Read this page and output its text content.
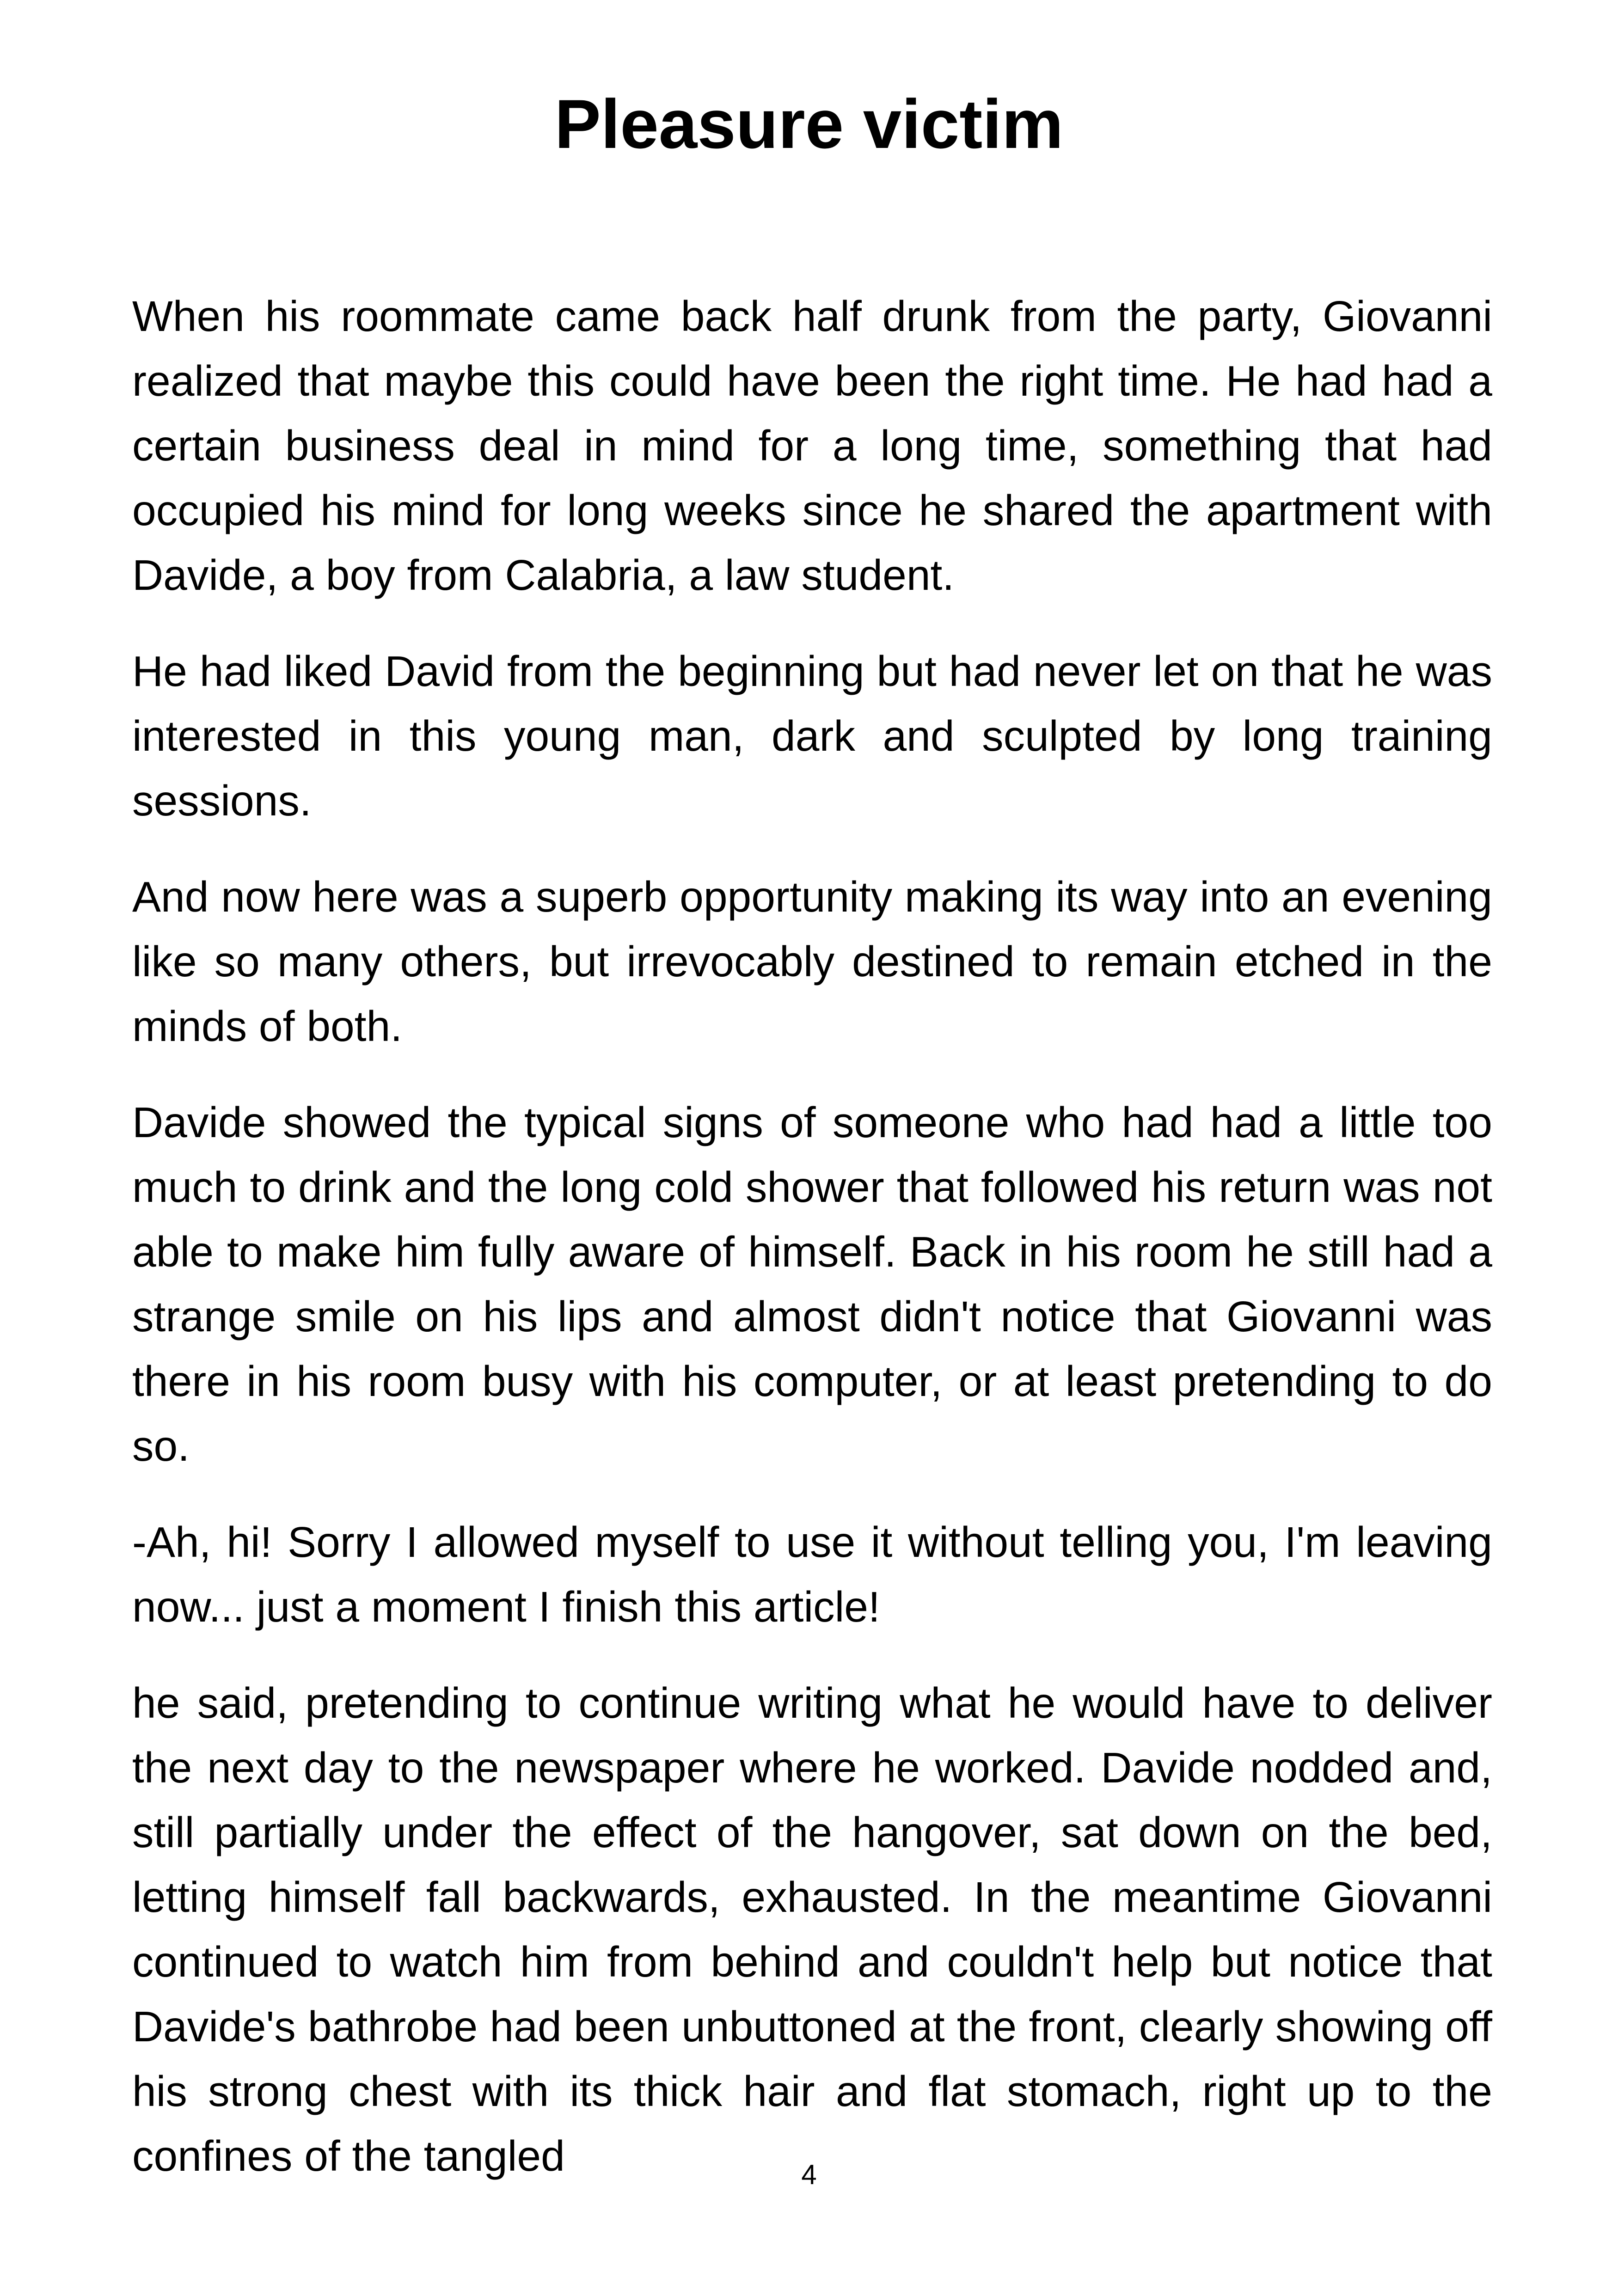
Pleasure victim

When his roommate came back half drunk from the party, Giovanni realized that maybe this could have been the right time. He had had a certain business deal in mind for a long time, something that had occupied his mind for long weeks since he shared the apartment with Davide, a boy from Calabria, a law student.

He had liked David from the beginning but had never let on that he was interested in this young man, dark and sculpted by long training sessions.

And now here was a superb opportunity making its way into an evening like so many others, but irrevocably destined to remain etched in the minds of both.

Davide showed the typical signs of someone who had had a little too much to drink and the long cold shower that followed his return was not able to make him fully aware of himself. Back in his room he still had a strange smile on his lips and almost didn't notice that Giovanni was there in his room busy with his computer, or at least pretending to do so.

-Ah, hi! Sorry I allowed myself to use it without telling you, I'm leaving now... just a moment I finish this article!

he said, pretending to continue writing what he would have to deliver the next day to the newspaper where he worked. Davide nodded and, still partially under the effect of the hangover, sat down on the bed, letting himself fall backwards, exhausted. In the meantime Giovanni continued to watch him from behind and couldn't help but notice that Davide's bathrobe had been unbuttoned at the front, clearly showing off his strong chest with its thick hair and flat stomach, right up to the confines of the tangled	4
